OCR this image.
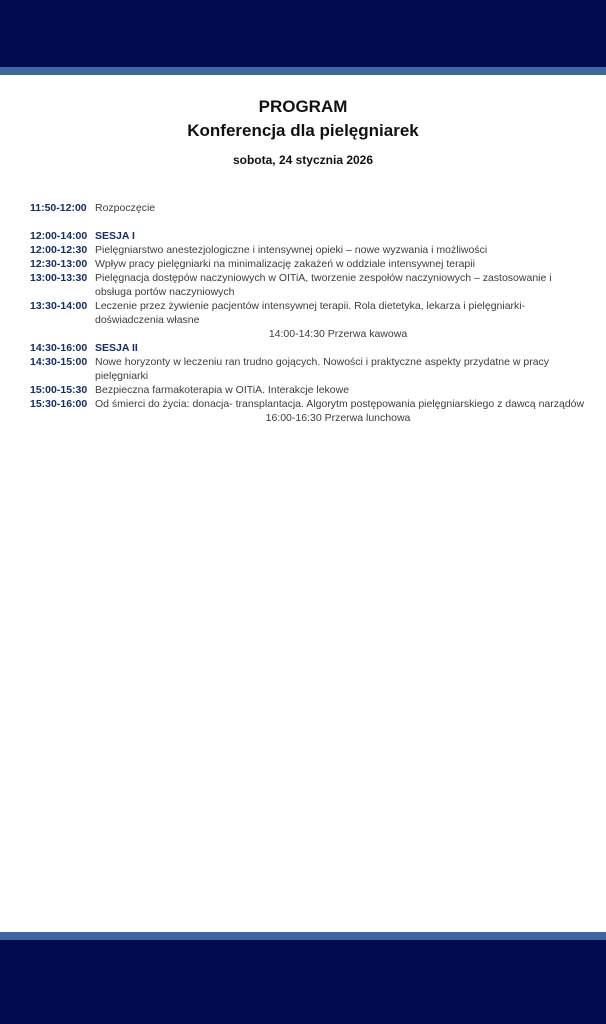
PROGRAM
Konferencja dla pielęgniarek
sobota, 24 stycznia 2026
11:50-12:00 Rozpoczęcie
12:00-14:00 SESJA I
12:00-12:30 Pielęgniarstwo anestezjologiczne i intensywnej opieki – nowe wyzwania i możliwości
12:30-13:00 Wpływ pracy pielęgniarki na minimalizację zakażeń w oddziale intensywnej terapii
13:00-13:30 Pielęgnacja dostępów naczyniowych w OITiA, tworzenie zespołów naczyniowych – zastosowanie i obsługa portów naczyniowych
13:30-14:00 Leczenie przez żywienie pacjentów intensywnej terapii. Rola dietetyka, lekarza i pielęgniarki- doświadczenia własne
14:00-14:30 Przerwa kawowa
14:30-16:00 SESJA II
14:30-15:00 Nowe horyzonty w leczeniu ran trudno gojących. Nowości i praktyczne aspekty przydatne w pracy pielęgniarki
15:00-15:30 Bezpieczna farmakoterapia w OITiA. Interakcje lekowe
15:30-16:00 Od śmierci do życia: donacja- transplantacja. Algorytm postępowania pielęgniarskiego z dawcą narządów
16:00-16:30 Przerwa lunchowa
